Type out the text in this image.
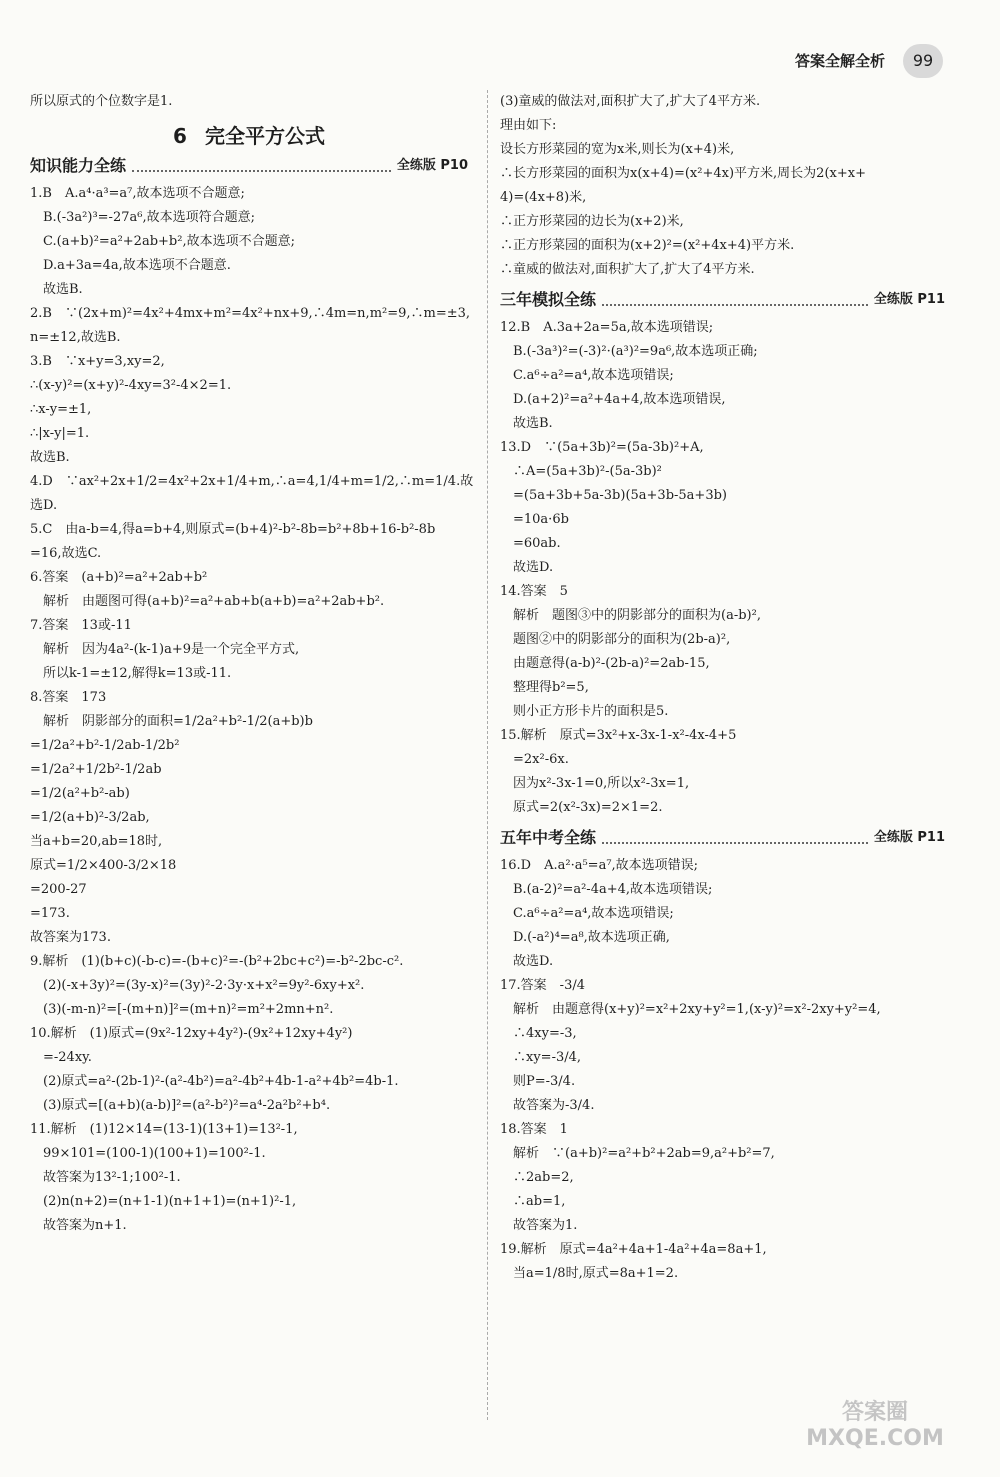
答案全解全析	99
所以原式的个位数字是1.
6 完全平方公式
知识能力全练	全练版 P10
1.B　A.a⁴·a³=a⁷,故本选项不合题意;
　B.(-3a²)³=-27a⁶,故本选项符合题意;
　C.(a+b)²=a²+2ab+b²,故本选项不合题意;
　D.a+3a=4a,故本选项不合题意.
　故选B.
2.B　∵(2x+m)²=4x²+4mx+m²=4x²+nx+9,∴4m=n,m²=9,∴m=±3,
n=±12,故选B.
3.B　∵x+y=3,xy=2,
∴(x-y)²=(x+y)²-4xy=3²-4×2=1.
∴x-y=±1,
∴|x-y|=1.
故选B.
4.D　∵ax²+2x+1/2=4x²+2x+1/4+m,∴a=4,1/4+m=1/2,∴m=1/4.故
选D.
5.C　由a-b=4,得a=b+4,则原式=(b+4)²-b²-8b=b²+8b+16-b²-8b
=16,故选C.
6.答案　(a+b)²=a²+2ab+b²
　解析　由题图可得(a+b)²=a²+ab+b(a+b)=a²+2ab+b².
7.答案　13或-11
　解析　因为4a²-(k-1)a+9是一个完全平方式,
　所以k-1=±12,解得k=13或-11.
8.答案　173
　解析　阴影部分的面积=1/2a²+b²-1/2(a+b)b
=1/2a²+b²-1/2ab-1/2b²
=1/2a²+1/2b²-1/2ab
=1/2(a²+b²-ab)
=1/2(a+b)²-3/2ab,
当a+b=20,ab=18时,
原式=1/2×400-3/2×18
=200-27
=173.
故答案为173.
9.解析　(1)(b+c)(-b-c)=-(b+c)²=-(b²+2bc+c²)=-b²-2bc-c².
　(2)(-x+3y)²=(3y-x)²=(3y)²-2·3y·x+x²=9y²-6xy+x².
　(3)(-m-n)²=[-(m+n)]²=(m+n)²=m²+2mn+n².
10.解析　(1)原式=(9x²-12xy+4y²)-(9x²+12xy+4y²)
　=-24xy.
　(2)原式=a²-(2b-1)²-(a²-4b²)=a²-4b²+4b-1-a²+4b²=4b-1.
　(3)原式=[(a+b)(a-b)]²=(a²-b²)²=a⁴-2a²b²+b⁴.
11.解析　(1)12×14=(13-1)(13+1)=13²-1,
　99×101=(100-1)(100+1)=100²-1.
　故答案为13²-1;100²-1.
　(2)n(n+2)=(n+1-1)(n+1+1)=(n+1)²-1,
　故答案为n+1.
(3)童威的做法对,面积扩大了,扩大了4平方米.
理由如下:
设长方形菜园的宽为x米,则长为(x+4)米,
∴长方形菜园的面积为x(x+4)=(x²+4x)平方米,周长为2(x+x+
4)=(4x+8)米,
∴正方形菜园的边长为(x+2)米,
∴正方形菜园的面积为(x+2)²=(x²+4x+4)平方米.
∴童威的做法对,面积扩大了,扩大了4平方米.
三年模拟全练	全练版 P11
12.B　A.3a+2a=5a,故本选项错误;
　B.(-3a³)²=(-3)²·(a³)²=9a⁶,故本选项正确;
　C.a⁶÷a²=a⁴,故本选项错误;
　D.(a+2)²=a²+4a+4,故本选项错误,
　故选B.
13.D　∵(5a+3b)²=(5a-3b)²+A,
　∴A=(5a+3b)²-(5a-3b)²
　=(5a+3b+5a-3b)(5a+3b-5a+3b)
　=10a·6b
　=60ab.
　故选D.
14.答案　5
　解析　题图③中的阴影部分的面积为(a-b)²,
　题图②中的阴影部分的面积为(2b-a)²,
　由题意得(a-b)²-(2b-a)²=2ab-15,
　整理得b²=5,
　则小正方形卡片的面积是5.
15.解析　原式=3x²+x-3x-1-x²-4x-4+5
　=2x²-6x.
　因为x²-3x-1=0,所以x²-3x=1,
　原式=2(x²-3x)=2×1=2.
五年中考全练	全练版 P11
16.D　A.a²·a⁵=a⁷,故本选项错误;
　B.(a-2)²=a²-4a+4,故本选项错误;
　C.a⁶÷a²=a⁴,故本选项错误;
　D.(-a²)⁴=a⁸,故本选项正确,
　故选D.
17.答案　-3/4
　解析　由题意得(x+y)²=x²+2xy+y²=1,(x-y)²=x²-2xy+y²=4,
　∴4xy=-3,
　∴xy=-3/4,
　则P=-3/4.
　故答案为-3/4.
18.答案　1
　解析　∵(a+b)²=a²+b²+2ab=9,a²+b²=7,
　∴2ab=2,
　∴ab=1,
　故答案为1.
19.解析　原式=4a²+4a+1-4a²+4a=8a+1,
　当a=1/8时,原式=8a+1=2.
答案圈
MXQE.COM
